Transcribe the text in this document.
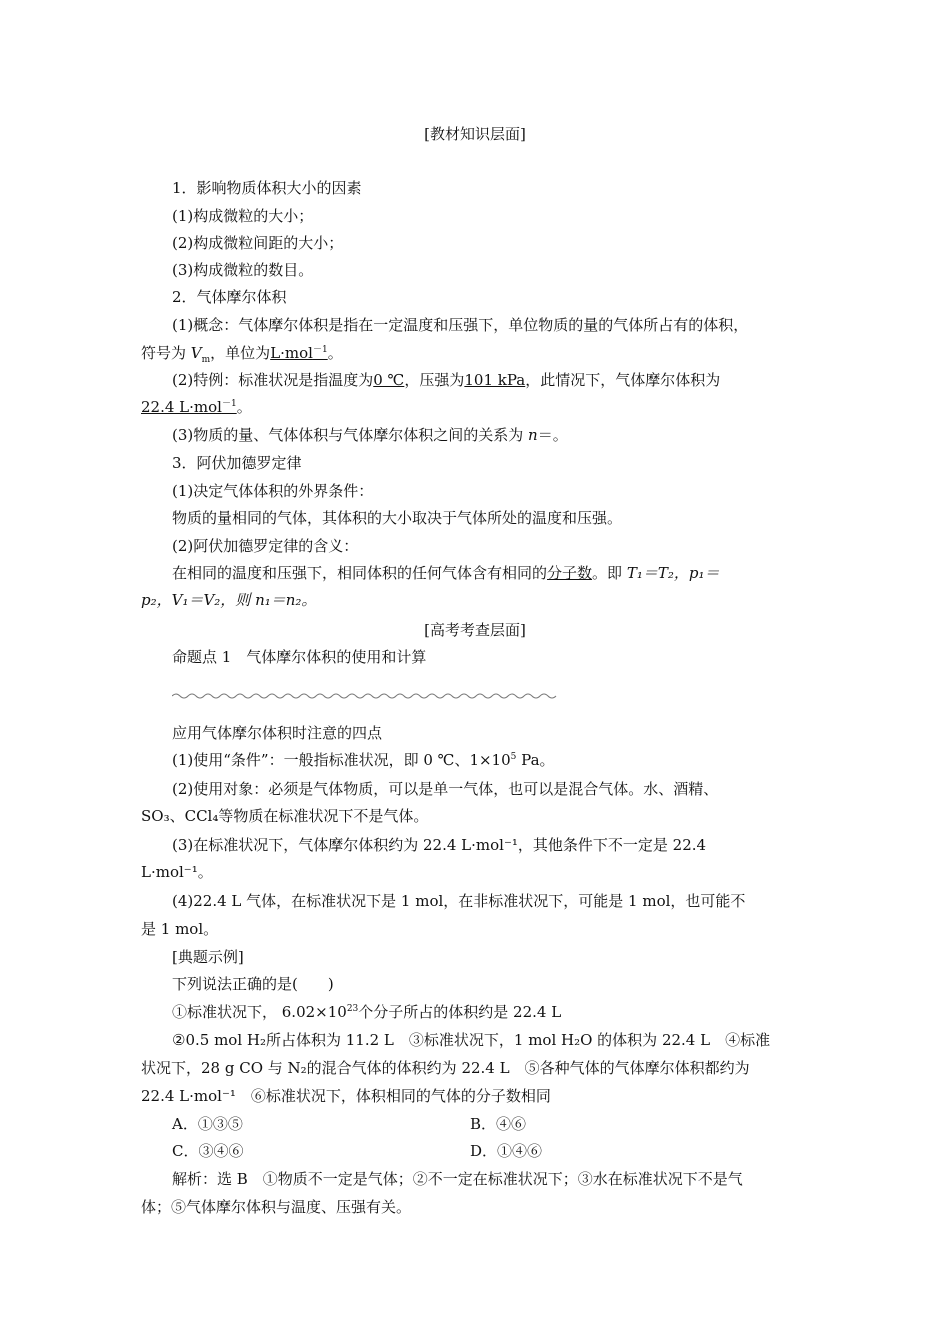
[教材知识层面]
1．影响物质体积大小的因素
(1)构成微粒的大小；
(2)构成微粒间距的大小；
(3)构成微粒的数目。
2．气体摩尔体积
(1)概念：气体摩尔体积是指在一定温度和压强下，单位物质的量的气体所占有的体积，
符号为 $V_m$，单位为L·mol$^{-1}$。
(2)特例：标准状况是指温度为0 ℃，压强为101 kPa，此情况下，气体摩尔体积为
22.4 L·mol$^{-1}$。
(3)物质的量、气体体积与气体摩尔体积之间的关系为 n＝。
3．阿伏加德罗定律
(1)决定气体体积的外界条件：
物质的量相同的气体，其体积的大小取决于气体所处的温度和压强。
(2)阿伏加德罗定律的含义：
在相同的温度和压强下，相同体积的任何气体含有相同的分子数。即 T₁＝T₂，p₁＝
p₂，V₁＝V₂，则 n₁＝n₂。
[高考考查层面]
命题点 1　气体摩尔体积的使用和计算
应用气体摩尔体积时注意的四点
(1)使用“条件”：一般指标准状况，即 0 ℃、$1\times 10^5$ Pa。
(2)使用对象：必须是气体物质，可以是单一气体，也可以是混合气体。水、酒精、
SO₃、CCl₄等物质在标准状况下不是气体。
(3)在标准状况下，气体摩尔体积约为 22.4 L·mol⁻¹，其他条件下不一定是 22.4
L·mol⁻¹。
(4)22.4 L 气体，在标准状况下是 1 mol，在非标准状况下，可能是 1 mol，也可能不
是 1 mol。
[典题示例]
下列说法正确的是(　　)
①标准状况下， $6.02\times 10^{23}$个分子所占的体积约是 22.4 L
②0.5 mol H₂所占体积为 11.2 L　③标准状况下，1 mol H₂O 的体积为 22.4 L　④标准
状况下，28 g CO 与 N₂的混合气体的体积约为 22.4 L　⑤各种气体的气体摩尔体积都约为
22.4 L·mol⁻¹　⑥标准状况下，体积相同的气体的分子数相同
A．①③⑤	B．④⑥
C．③④⑥	D．①④⑥
解析：选 B　①物质不一定是气体；②不一定在标准状况下；③水在标准状况下不是气
体；⑤气体摩尔体积与温度、压强有关。
